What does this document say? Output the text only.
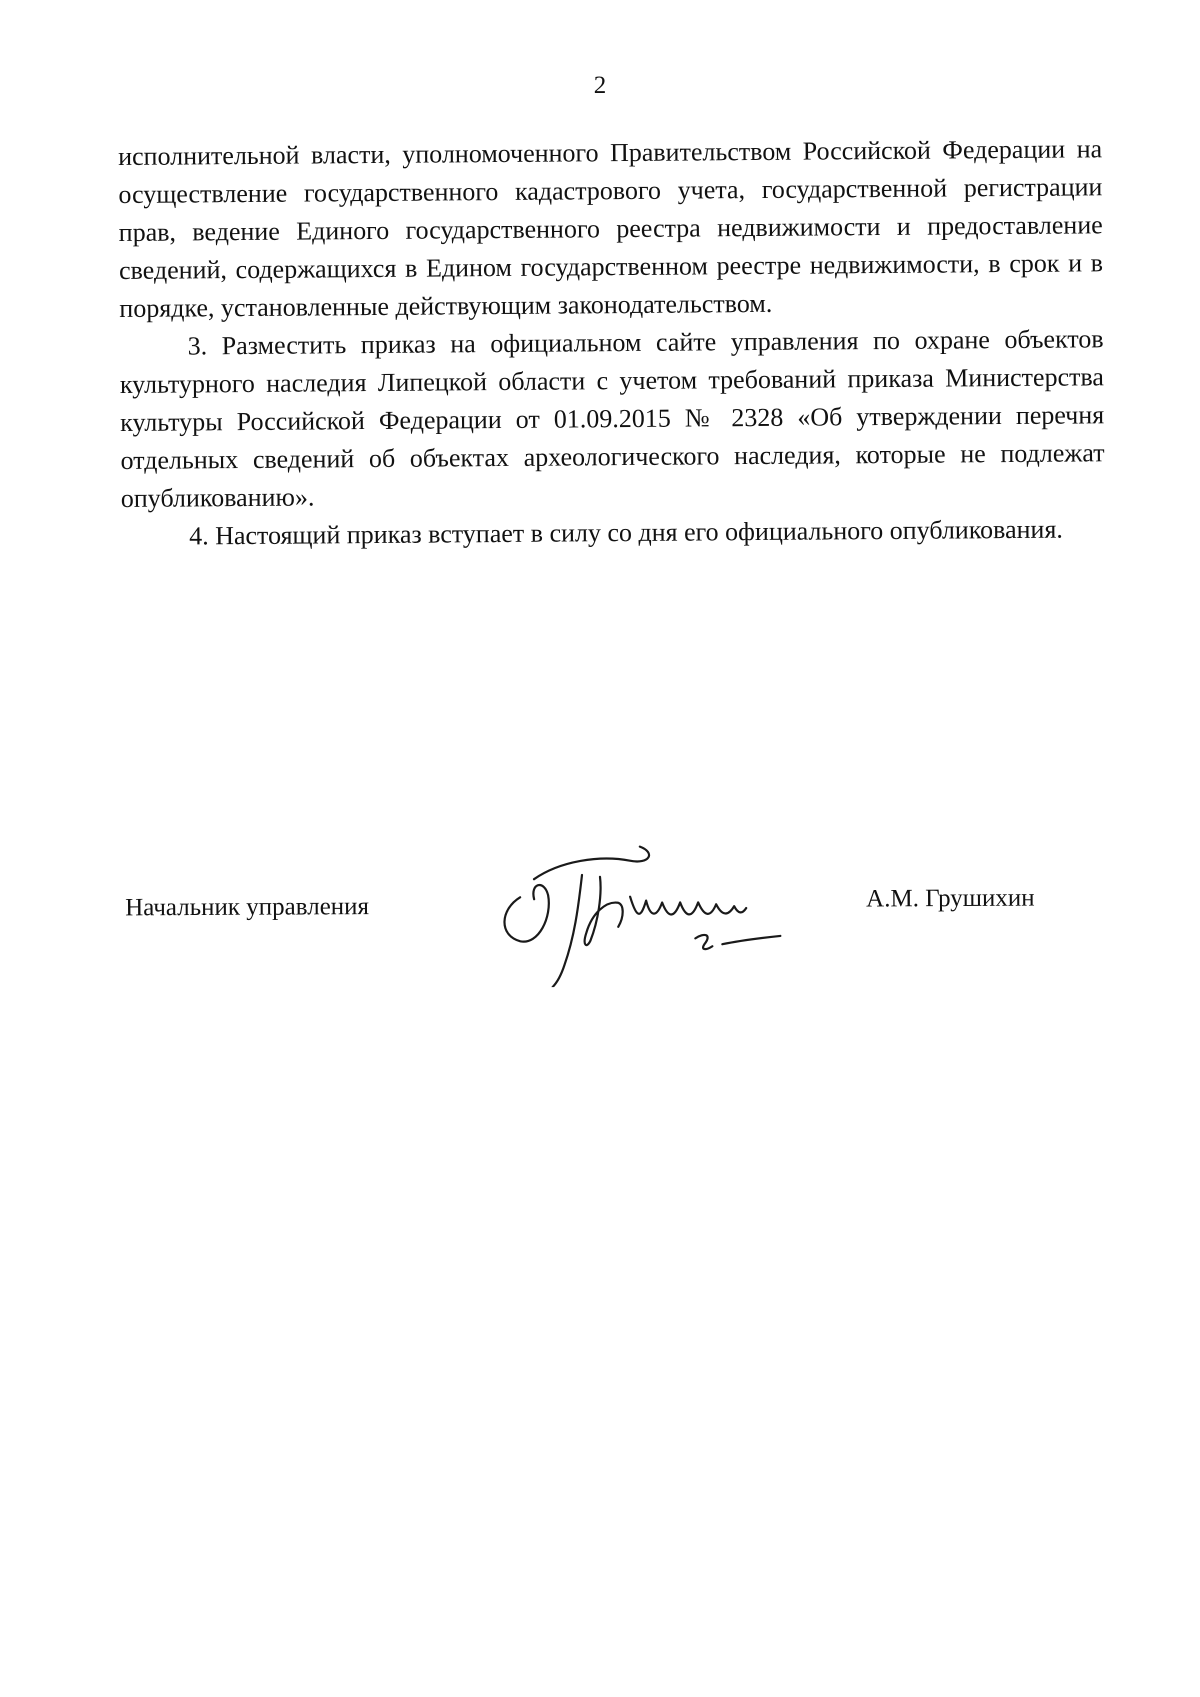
2

исполнительной власти, уполномоченного Правительством Российской Федерации на осуществление государственного кадастрового учета, государственной регистрации прав, ведение Единого государственного реестра недвижимости и предоставление сведений, содержащихся в Едином государственном реестре недвижимости, в срок и в порядке, установленные действующим законодательством.

3. Разместить приказ на официальном сайте управления по охране объектов культурного наследия Липецкой области с учетом требований приказа Министерства культуры Российской Федерации от 01.09.2015 № 2328 «Об утверждении перечня отдельных сведений об объектах археологического наследия, которые не подлежат опубликованию».

4. Настоящий приказ вступает в силу со дня его официального опубликования.

Начальник управления	А.М. Грушихин
